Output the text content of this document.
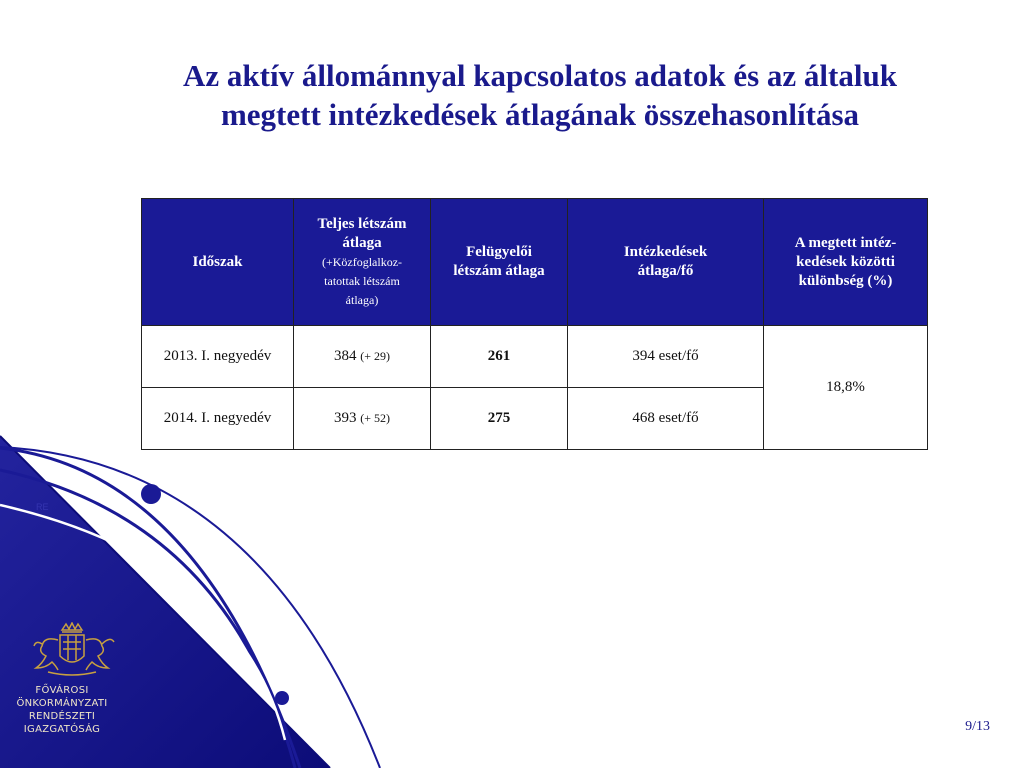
RE
Az aktív állománnyal kapcsolatos adatok és az általuk
megtett intézkedések átlagának összehasonlítása
Időszak	Teljes létszám
átlaga
(+Közfoglalkoz-
tatottak létszám
átlaga)	Felügyelői
létszám átlaga	Intézkedések
átlaga/fő	A megtett intéz-
kedések közötti
különbség (%)
2013. I. negyedév	384 (+ 29)	261	394 eset/fő	18,8%
2014. I. negyedév	393 (+ 52)	275	468 eset/fő	
FŐVÁROSI
ÖNKORMÁNYZATI
RENDÉSZETI
IGAZGATÓSÁG	9/13
